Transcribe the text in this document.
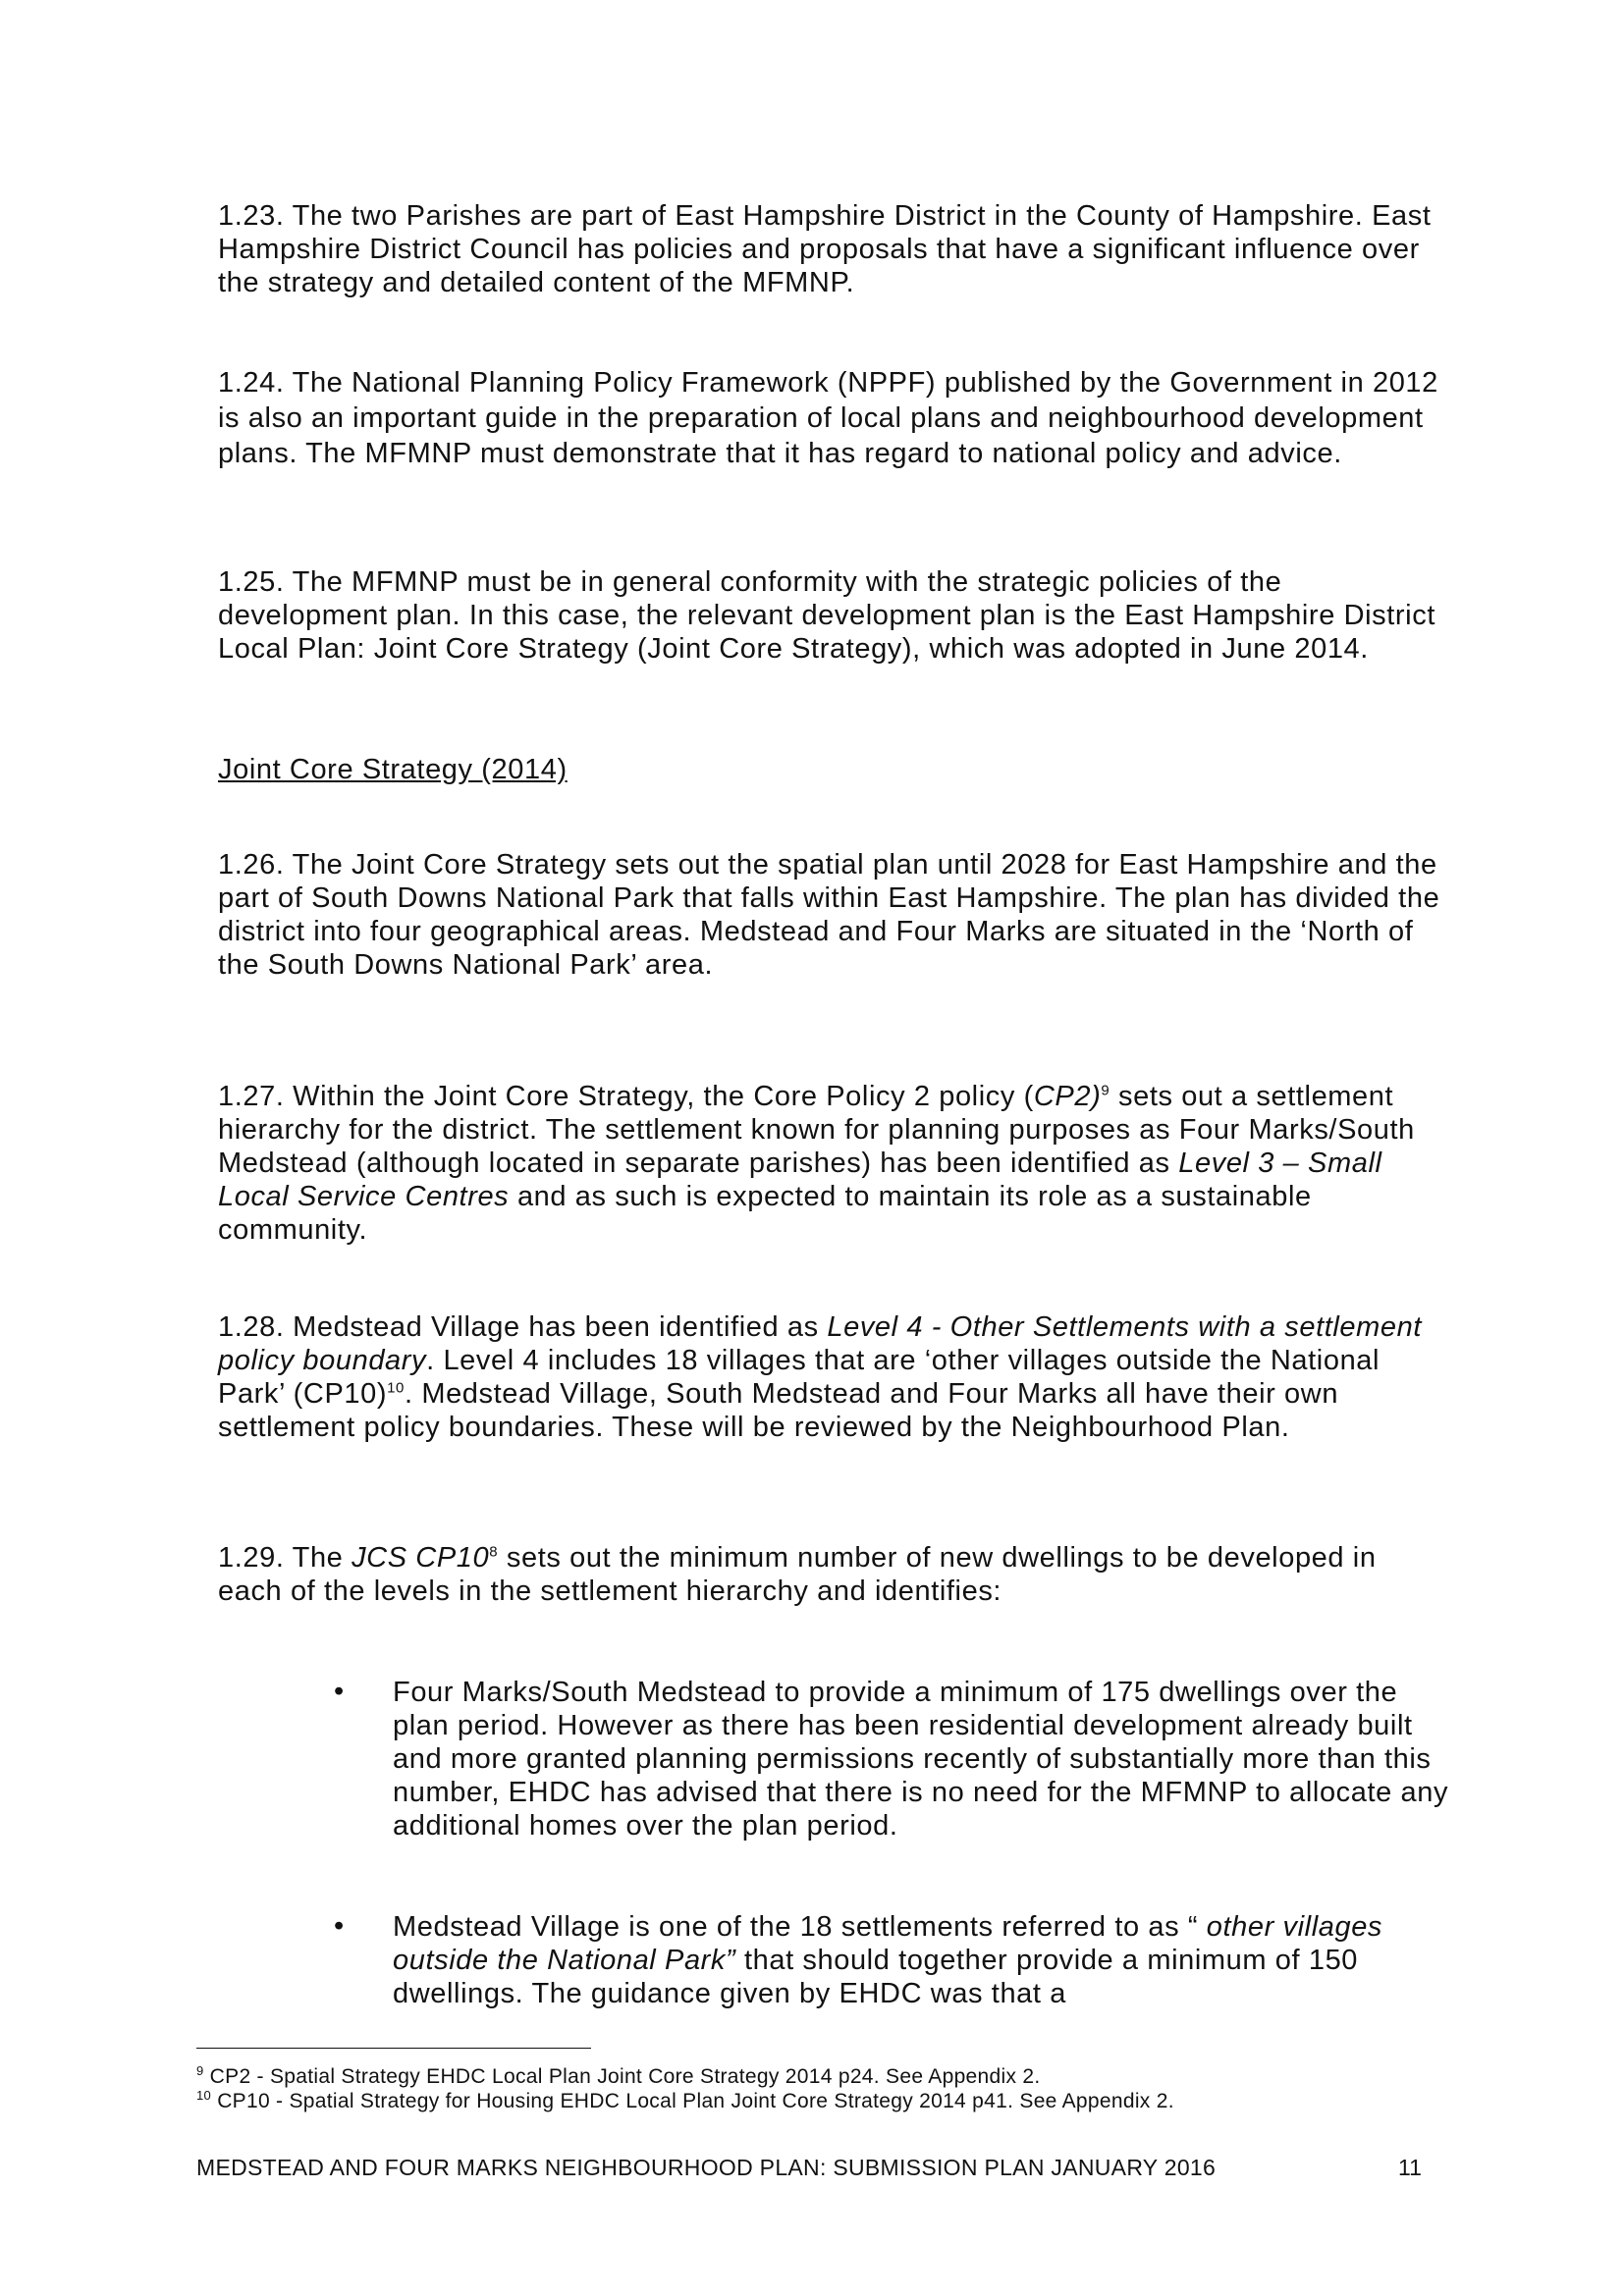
1.23. The two Parishes are part of East Hampshire District in the County of Hampshire. East Hampshire District Council has policies and proposals that have a significant influence over the strategy and detailed content of the MFMNP.

1.24. The National Planning Policy Framework (NPPF) published by the Government in 2012 is also an important guide in the preparation of local plans and neighbourhood development plans. The MFMNP must demonstrate that it has regard to national policy and advice.

1.25. The MFMNP must be in general conformity with the strategic policies of the development plan. In this case, the relevant development plan is the East Hampshire District Local Plan: Joint Core Strategy (Joint Core Strategy), which was adopted in June 2014.

Joint Core Strategy (2014)

1.26. The Joint Core Strategy sets out the spatial plan until 2028 for East Hampshire and the part of South Downs National Park that falls within East Hampshire. The plan has divided the district into four geographical areas. Medstead and Four Marks are situated in the ‘North of the South Downs National Park’ area.

1.27. Within the Joint Core Strategy, the Core Policy 2 policy $(CP2)^9$ sets out a settlement hierarchy for the district. The settlement known for planning purposes as Four Marks/South Medstead (although located in separate parishes) has been identified as Level 3 – Small Local Service Centres and as such is expected to maintain its role as a sustainable community.

1.28. Medstead Village has been identified as Level 4 - Other Settlements with a settlement policy boundary. Level 4 includes 18 villages that are ‘other villages outside the National Park’ $(CP10)^{10}$. Medstead Village, South Medstead and Four Marks all have their own settlement policy boundaries. These will be reviewed by the Neighbourhood Plan.

1.29. The JCS $CP10^8$ sets out the minimum number of new dwellings to be developed in each of the levels in the settlement hierarchy and identifies:

• Four Marks/South Medstead to provide a minimum of 175 dwellings over the plan period. However as there has been residential development already built and more granted planning permissions recently of substantially more than this number, EHDC has advised that there is no need for the MFMNP to allocate any additional homes over the plan period.

• Medstead Village is one of the 18 settlements referred to as “ other villages outside the National Park” that should together provide a minimum of 150 dwellings. The guidance given by EHDC was that a

$^9$ CP2 - Spatial Strategy EHDC Local Plan Joint Core Strategy 2014 p24. See Appendix 2.

$^{10}$ CP10 - Spatial Strategy for Housing EHDC Local Plan Joint Core Strategy 2014 p41. See Appendix 2.

MEDSTEAD AND FOUR MARKS NEIGHBOURHOOD PLAN: SUBMISSION PLAN JANUARY 2016	11
